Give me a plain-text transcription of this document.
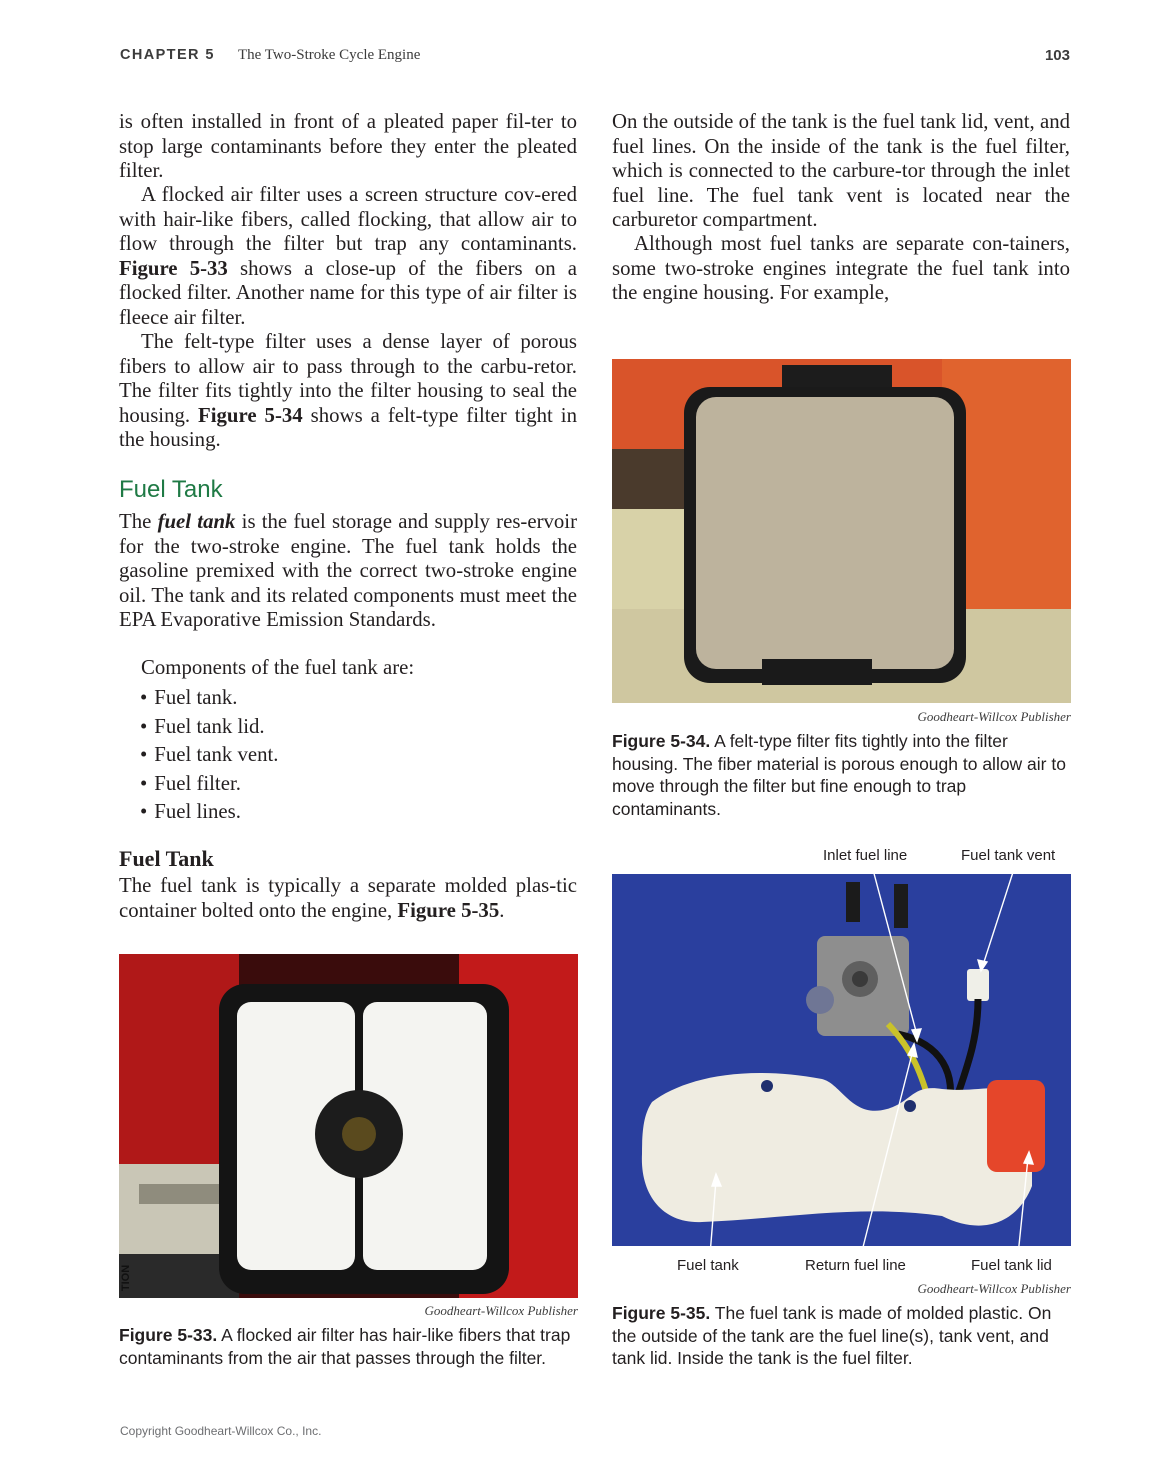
CHAPTER 5 The Two-Stroke Cycle Engine	103

is often installed in front of a pleated paper fil-ter to stop large contaminants before they enter the pleated filter.

A flocked air filter uses a screen structure cov-ered with hair-like fibers, called flocking, that allow air to flow through the filter but trap any contaminants. Figure 5-33 shows a close-up of the fibers on a flocked filter. Another name for this type of air filter is fleece air filter.

The felt-type filter uses a dense layer of porous fibers to allow air to pass through to the carbu-retor. The filter fits tightly into the filter housing to seal the housing. Figure 5-34 shows a felt-type filter tight in the housing.

Fuel Tank

The fuel tank is the fuel storage and supply res-ervoir for the two-stroke engine. The fuel tank holds the gasoline premixed with the correct two-stroke engine oil. The tank and its related components must meet the EPA Evaporative Emission Standards.

Components of the fuel tank are:

• Fuel tank.
• Fuel tank lid.
• Fuel tank vent.
• Fuel filter.
• Fuel lines.
Fuel Tank

The fuel tank is typically a separate molded plas-tic container bolted onto the engine, Figure 5-35.

TION
Goodheart-Willcox Publisher

Figure 5-33. A flocked air filter has hair-like fibers that trap contaminants from the air that passes through the filter.

On the outside of the tank is the fuel tank lid, vent, and fuel lines. On the inside of the tank is the fuel filter, which is connected to the carbure-tor through the inlet fuel line. The fuel tank vent is located near the carburetor compartment.

Although most fuel tanks are separate con-tainers, some two-stroke engines integrate the fuel tank into the engine housing. For example,

Goodheart-Willcox Publisher

Figure 5-34. A felt-type filter fits tightly into the filter housing. The fiber material is porous enough to allow air to move through the filter but fine enough to trap contaminants.

Inlet fuel line	Fuel tank vent
Fuel tank	Return fuel line	Fuel tank lid
Goodheart-Willcox Publisher

Figure 5-35. The fuel tank is made of molded plastic. On the outside of the tank are the fuel line(s), tank vent, and tank lid. Inside the tank is the fuel filter.

Copyright Goodheart-Willcox Co., Inc.
